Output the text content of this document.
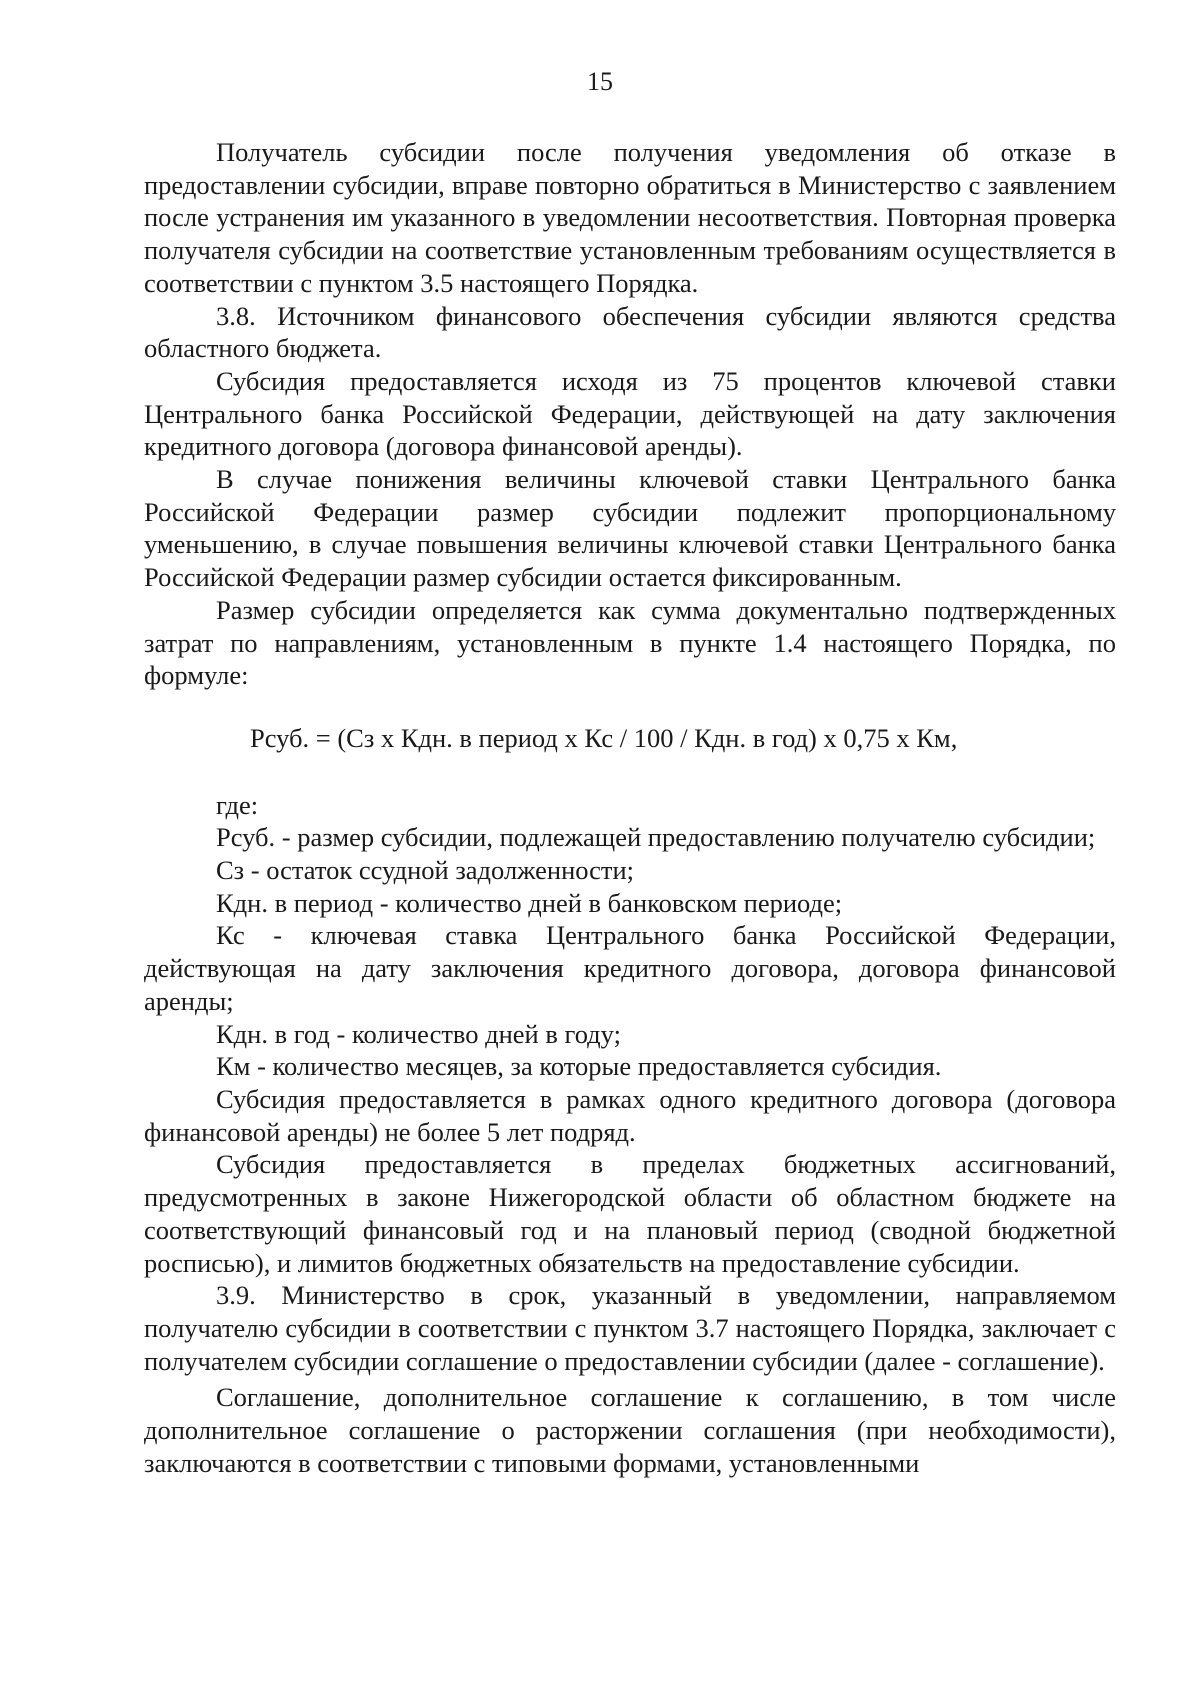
15

Получатель субсидии после получения уведомления об отказе в предоставлении субсидии, вправе повторно обратиться в Министерство с заявлением после устранения им указанного в уведомлении несоответствия. Повторная проверка получателя субсидии на соответствие установленным требованиям осуществляется в соответствии с пунктом 3.5 настоящего Порядка.

3.8. Источником финансового обеспечения субсидии являются средства областного бюджета.

Субсидия предоставляется исходя из 75 процентов ключевой ставки Центрального банка Российской Федерации, действующей на дату заключения кредитного договора (договора финансовой аренды).

В случае понижения величины ключевой ставки Центрального банка Российской Федерации размер субсидии подлежит пропорциональному уменьшению, в случае повышения величины ключевой ставки Центрального банка Российской Федерации размер субсидии остается фиксированным.

Размер субсидии определяется как сумма документально подтвержденных затрат по направлениям, установленным в пункте 1.4 настоящего Порядка, по формуле:

Рсуб. = (Сз х Кдн. в период х Кс / 100 / Кдн. в год) х 0,75 х Км,

где:

Рсуб. - размер субсидии, подлежащей предоставлению получателю субсидии;

Сз - остаток ссудной задолженности;

Кдн. в период - количество дней в банковском периоде;

Кс - ключевая ставка Центрального банка Российской Федерации, действующая на дату заключения кредитного договора, договора финансовой аренды;

Кдн. в год - количество дней в году;

Км - количество месяцев, за которые предоставляется субсидия.

Субсидия предоставляется в рамках одного кредитного договора (договора финансовой аренды) не более 5 лет подряд.

Субсидия предоставляется в пределах бюджетных ассигнований, предусмотренных в законе Нижегородской области об областном бюджете на соответствующий финансовый год и на плановый период (сводной бюджетной росписью), и лимитов бюджетных обязательств на предоставление субсидии.

3.9. Министерство в срок, указанный в уведомлении, направляемом получателю субсидии в соответствии с пунктом 3.7 настоящего Порядка, заключает с получателем субсидии соглашение о предоставлении субсидии (далее - соглашение).

Соглашение, дополнительное соглашение к соглашению, в том числе дополнительное соглашение о расторжении соглашения (при необходимости), заключаются в соответствии с типовыми формами, установленными
